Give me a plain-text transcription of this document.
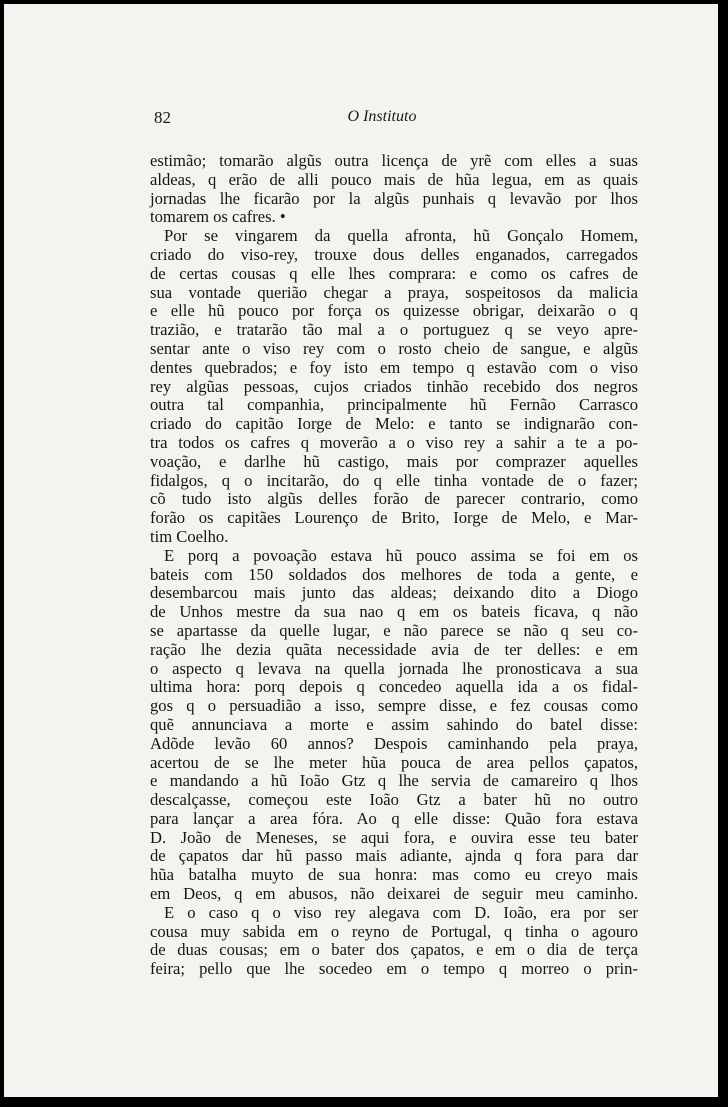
82	O Instituto
estimão; tomarão algũs outra licença de yrẽ com elles a suas
aldeas, q erão de alli pouco mais de hũa legua, em as quais
jornadas lhe ficarão por la algũs punhais q levavão por lhos
tomarem os cafres. •
Por se vingarem da quella afronta, hũ Gonçalo Homem,
criado do viso-rey, trouxe dous delles enganados, carregados
de certas cousas q elle lhes comprara: e como os cafres de
sua vontade querião chegar a praya, sospeitosos da malicia
e elle hũ pouco por força os quizesse obrigar, deixarão o q
trazião, e tratarão tão mal a o portuguez q se veyo apre-
sentar ante o viso rey com o rosto cheio de sangue, e algũs
dentes quebrados; e foy isto em tempo q estavão com o viso
rey algũas pessoas, cujos criados tinhão recebido dos negros
outra tal companhia, principalmente hũ Fernão Carrasco
criado do capitão Iorge de Melo: e tanto se indignarão con-
tra todos os cafres q moverão a o viso rey a sahir a te a po-
voação, e darlhe hũ castigo, mais por comprazer aquelles
fidalgos, q o incitarão, do q elle tinha vontade de o fazer;
cõ tudo isto algũs delles forão de parecer contrario, como
forão os capitães Lourenço de Brito, Iorge de Melo, e Mar-
tim Coelho.
E porq a povoação estava hũ pouco assima se foi em os
bateis com 150 soldados dos melhores de toda a gente, e
desembarcou mais junto das aldeas; deixando dito a Diogo
de Unhos mestre da sua nao q em os bateis ficava, q não
se apartasse da quelle lugar, e não parece se não q seu co-
ração lhe dezia quãta necessidade avia de ter delles: e em
o aspecto q levava na quella jornada lhe pronosticava a sua
ultima hora: porq depois q concedeo aquella ida a os fidal-
gos q o persuadião a isso, sempre disse, e fez cousas como
quẽ annunciava a morte e assim sahindo do batel disse:
Adõde levão 60 annos? Despois caminhando pela praya,
acertou de se lhe meter hũa pouca de area pellos çapatos,
e mandando a hũ Ioão Gtz q lhe servia de camareiro q lhos
descalçasse, começou este Ioão Gtz a bater hũ no outro
para lançar a area fóra. Ao q elle disse: Quão fora estava
D. João de Meneses, se aqui fora, e ouvira esse teu bater
de çapatos dar hũ passo mais adiante, ajnda q fora para dar
hũa batalha muyto de sua honra: mas como eu creyo mais
em Deos, q em abusos, não deixarei de seguir meu caminho.
E o caso q o viso rey alegava com D. Ioão, era por ser
cousa muy sabida em o reyno de Portugal, q tinha o agouro
de duas cousas; em o bater dos çapatos, e em o dia de terça
feira; pello que lhe socedeo em o tempo q morreo o prin-
